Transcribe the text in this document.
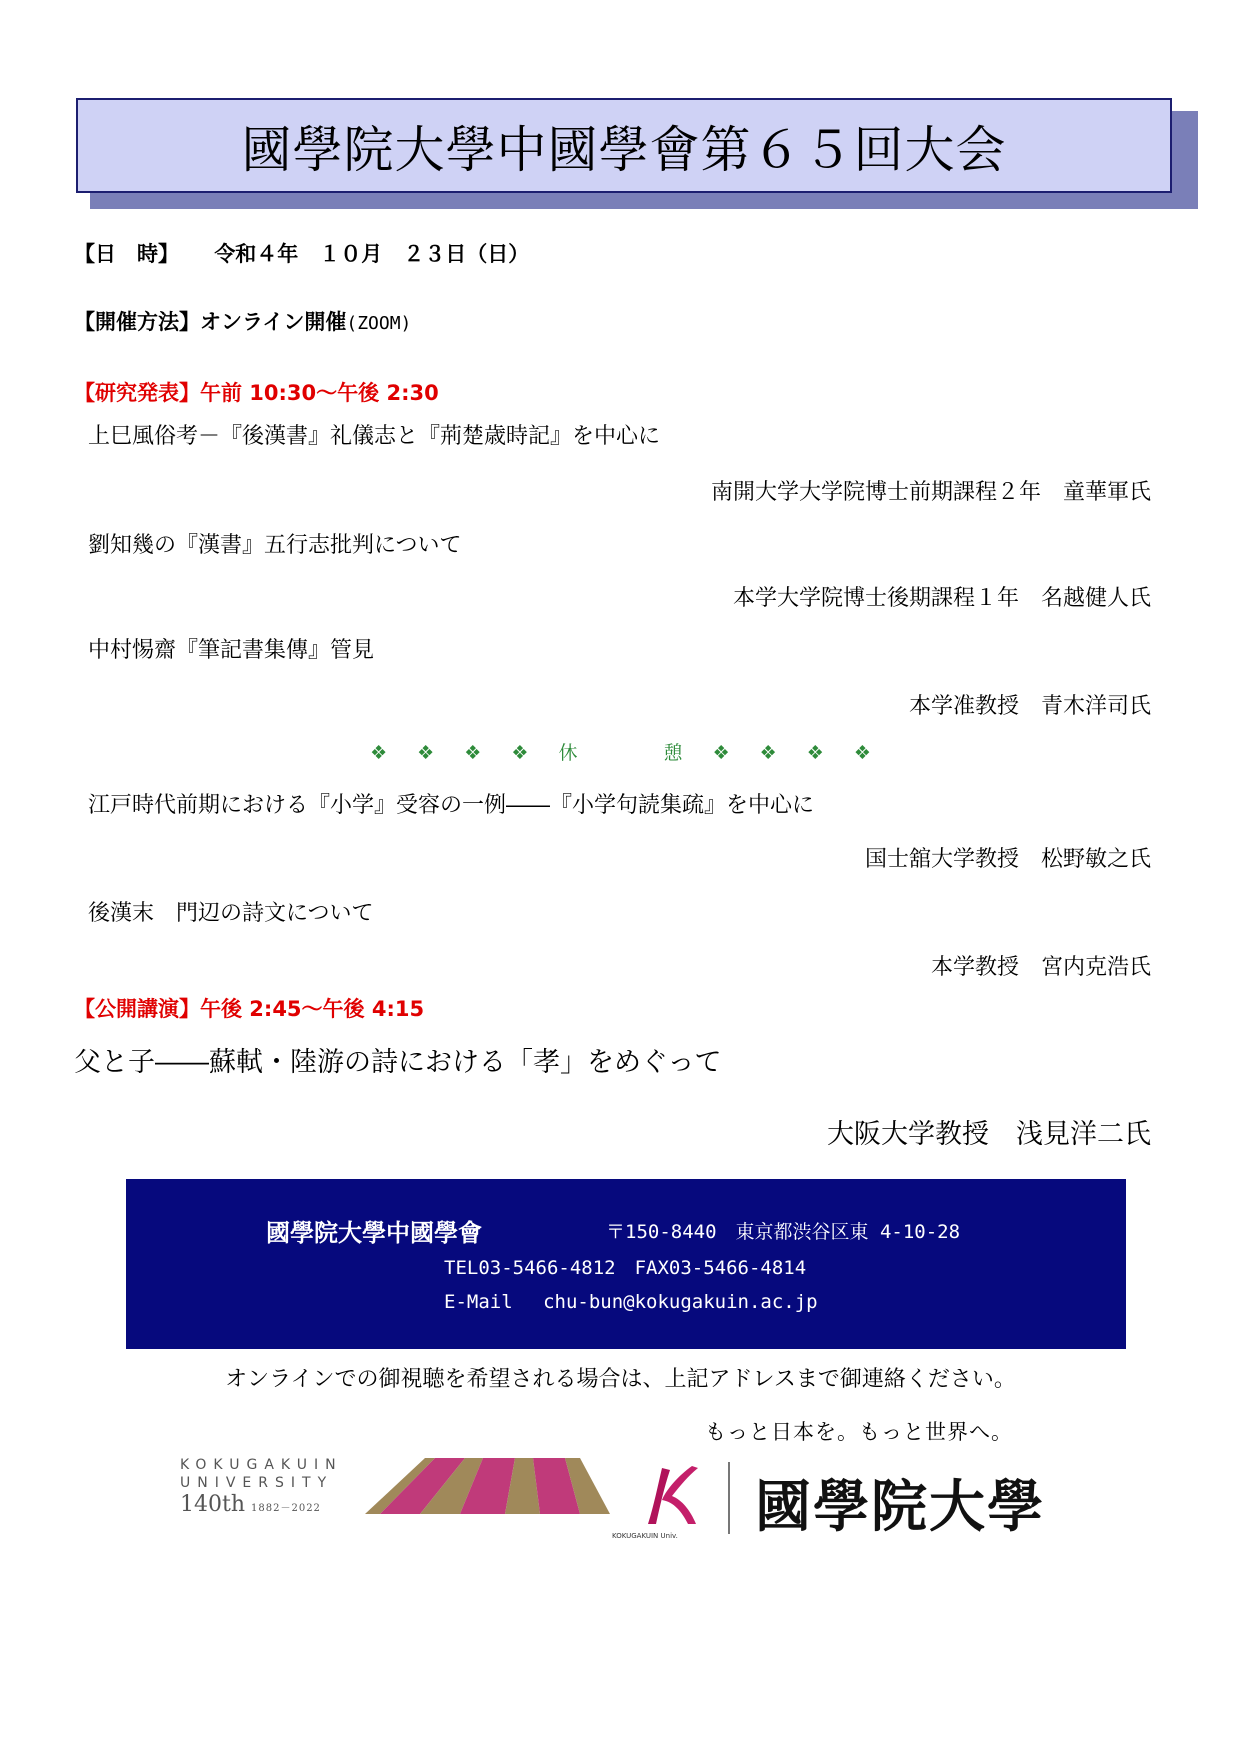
國學院大學中國學會第６５回大会
【日　時】 令和４年　１０月　２３日（日）
【開催方法】オンライン開催(ZOOM)
【研究発表】午前 10:30～午後 2:30
上巳風俗考－『後漢書』礼儀志と『荊楚歳時記』を中心に
南開大学大学院博士前期課程２年　童華軍氏
劉知幾の『漢書』五行志批判について
本学大学院博士後期課程１年　名越健人氏
中村惕齋『筆記書集傳』管見
本学准教授　青木洋司氏
❖ ❖ ❖ ❖ 休	憩 ❖ ❖ ❖ ❖
江戸時代前期における『小学』受容の一例――『小学句読集疏』を中心に
国士舘大学教授　松野敏之氏
後漢末　門辺の詩文について
本学教授　宮内克浩氏
【公開講演】午後 2:45～午後 4:15
父と子――蘇軾・陸游の詩における「孝」をめぐって
大阪大学教授　浅見洋二氏
國學院大學中國學會	〒150-8440　東京都渋谷区東 4-10-28
TEL03-5466-4812　FAX03-5466-4814
E-Mail　 chu-bun@kokugakuin.ac.jp
オンラインでの御視聴を希望される場合は、上記アドレスまで御連絡ください。
もっと日本を。もっと世界へ。
KOKUGAKUIN
UNIVERSITY
140th 1882－2022
KOKUGAKUIN Univ. 國學院大學
